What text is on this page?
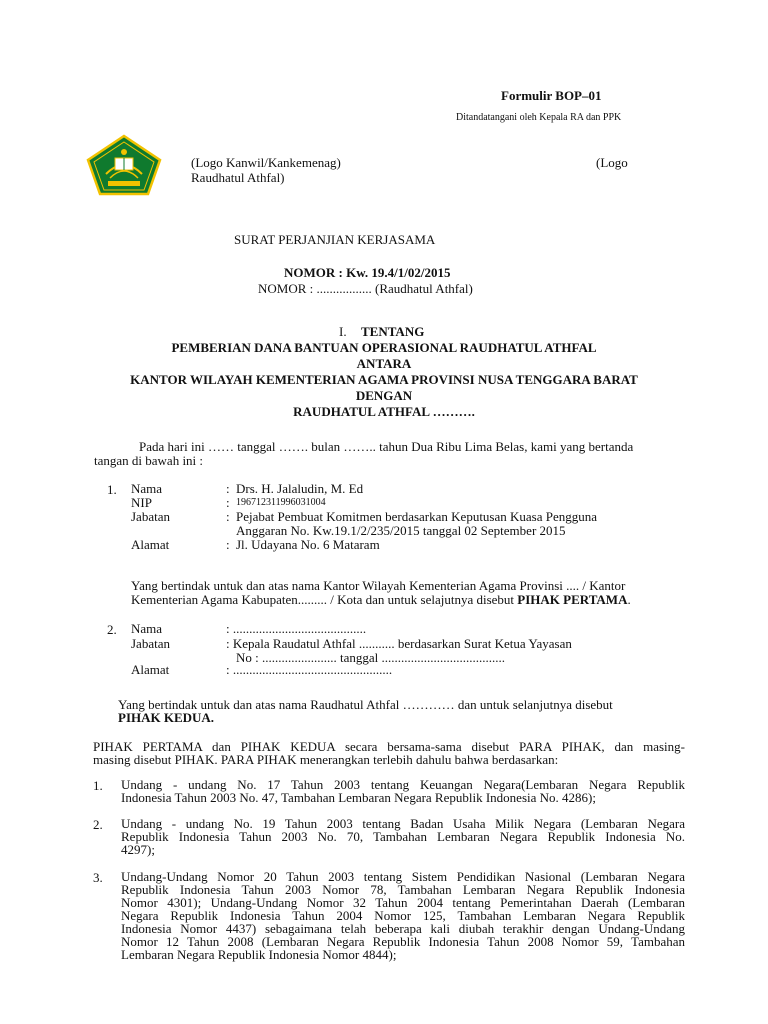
Formulir BOP–01
Ditandatangani oleh Kepala RA dan PPK
(Logo Kanwil/Kankemenag)	(Logo
Raudhatul Athfal)
SURAT PERJANJIAN KERJASAMA
NOMOR : Kw. 19.4/1/02/2015
NOMOR : ................. (Raudhatul Athfal)
I. TENTANG
PEMBERIAN DANA BANTUAN OPERASIONAL RAUDHATUL ATHFAL
ANTARA
KANTOR WILAYAH KEMENTERIAN AGAMA PROVINSI NUSA TENGGARA BARAT
DENGAN
RAUDHATUL ATHFAL ……….
Pada hari ini …… tanggal ……. bulan …….. tahun Dua Ribu Lima Belas, kami yang bertanda
tangan di bawah ini :
1. Nama	: Drs. H. Jalaludin, M. Ed
NIP	: 196712311996031004
Jabatan	: Pejabat Pembuat Komitmen berdasarkan Keputusan Kuasa Pengguna
Anggaran No. Kw.19.1/2/235/2015 tanggal 02 September 2015
Alamat	: Jl. Udayana No. 6 Mataram
Yang bertindak untuk dan atas nama Kantor Wilayah Kementerian Agama Provinsi .... / Kantor
Kementerian Agama Kabupaten......... / Kota dan untuk selajutnya disebut PIHAK PERTAMA.
2. Nama	: .........................................
Jabatan	: Kepala Raudatul Athfal ........... berdasarkan Surat Ketua Yayasan
No : ....................... tanggal ......................................
Alamat	: .................................................
Yang bertindak untuk dan atas nama Raudhatul Athfal ………… dan untuk selanjutnya disebut
PIHAK KEDUA.
PIHAK PERTAMA dan PIHAK KEDUA secara bersama-sama disebut PARA PIHAK, dan masing-
masing disebut PIHAK. PARA PIHAK menerangkan terlebih dahulu bahwa berdasarkan:
1. Undang - undang No. 17 Tahun 2003 tentang Keuangan Negara(Lembaran Negara Republik
Indonesia Tahun 2003 No. 47, Tambahan Lembaran Negara Republik Indonesia No. 4286);
2. Undang - undang No. 19 Tahun 2003 tentang Badan Usaha Milik Negara (Lembaran Negara
Republik Indonesia Tahun 2003 No. 70, Tambahan Lembaran Negara Republik Indonesia No.
4297);
3. Undang-Undang Nomor 20 Tahun 2003 tentang Sistem Pendidikan Nasional (Lembaran Negara
Republik Indonesia Tahun 2003 Nomor 78, Tambahan Lembaran Negara Republik Indonesia
Nomor 4301); Undang-Undang Nomor 32 Tahun 2004 tentang Pemerintahan Daerah (Lembaran
Negara Republik Indonesia Tahun 2004 Nomor 125, Tambahan Lembaran Negara Republik
Indonesia Nomor 4437) sebagaimana telah beberapa kali diubah terakhir dengan Undang-Undang
Nomor 12 Tahun 2008 (Lembaran Negara Republik Indonesia Tahun 2008 Nomor 59, Tambahan
Lembaran Negara Republik Indonesia Nomor 4844);
